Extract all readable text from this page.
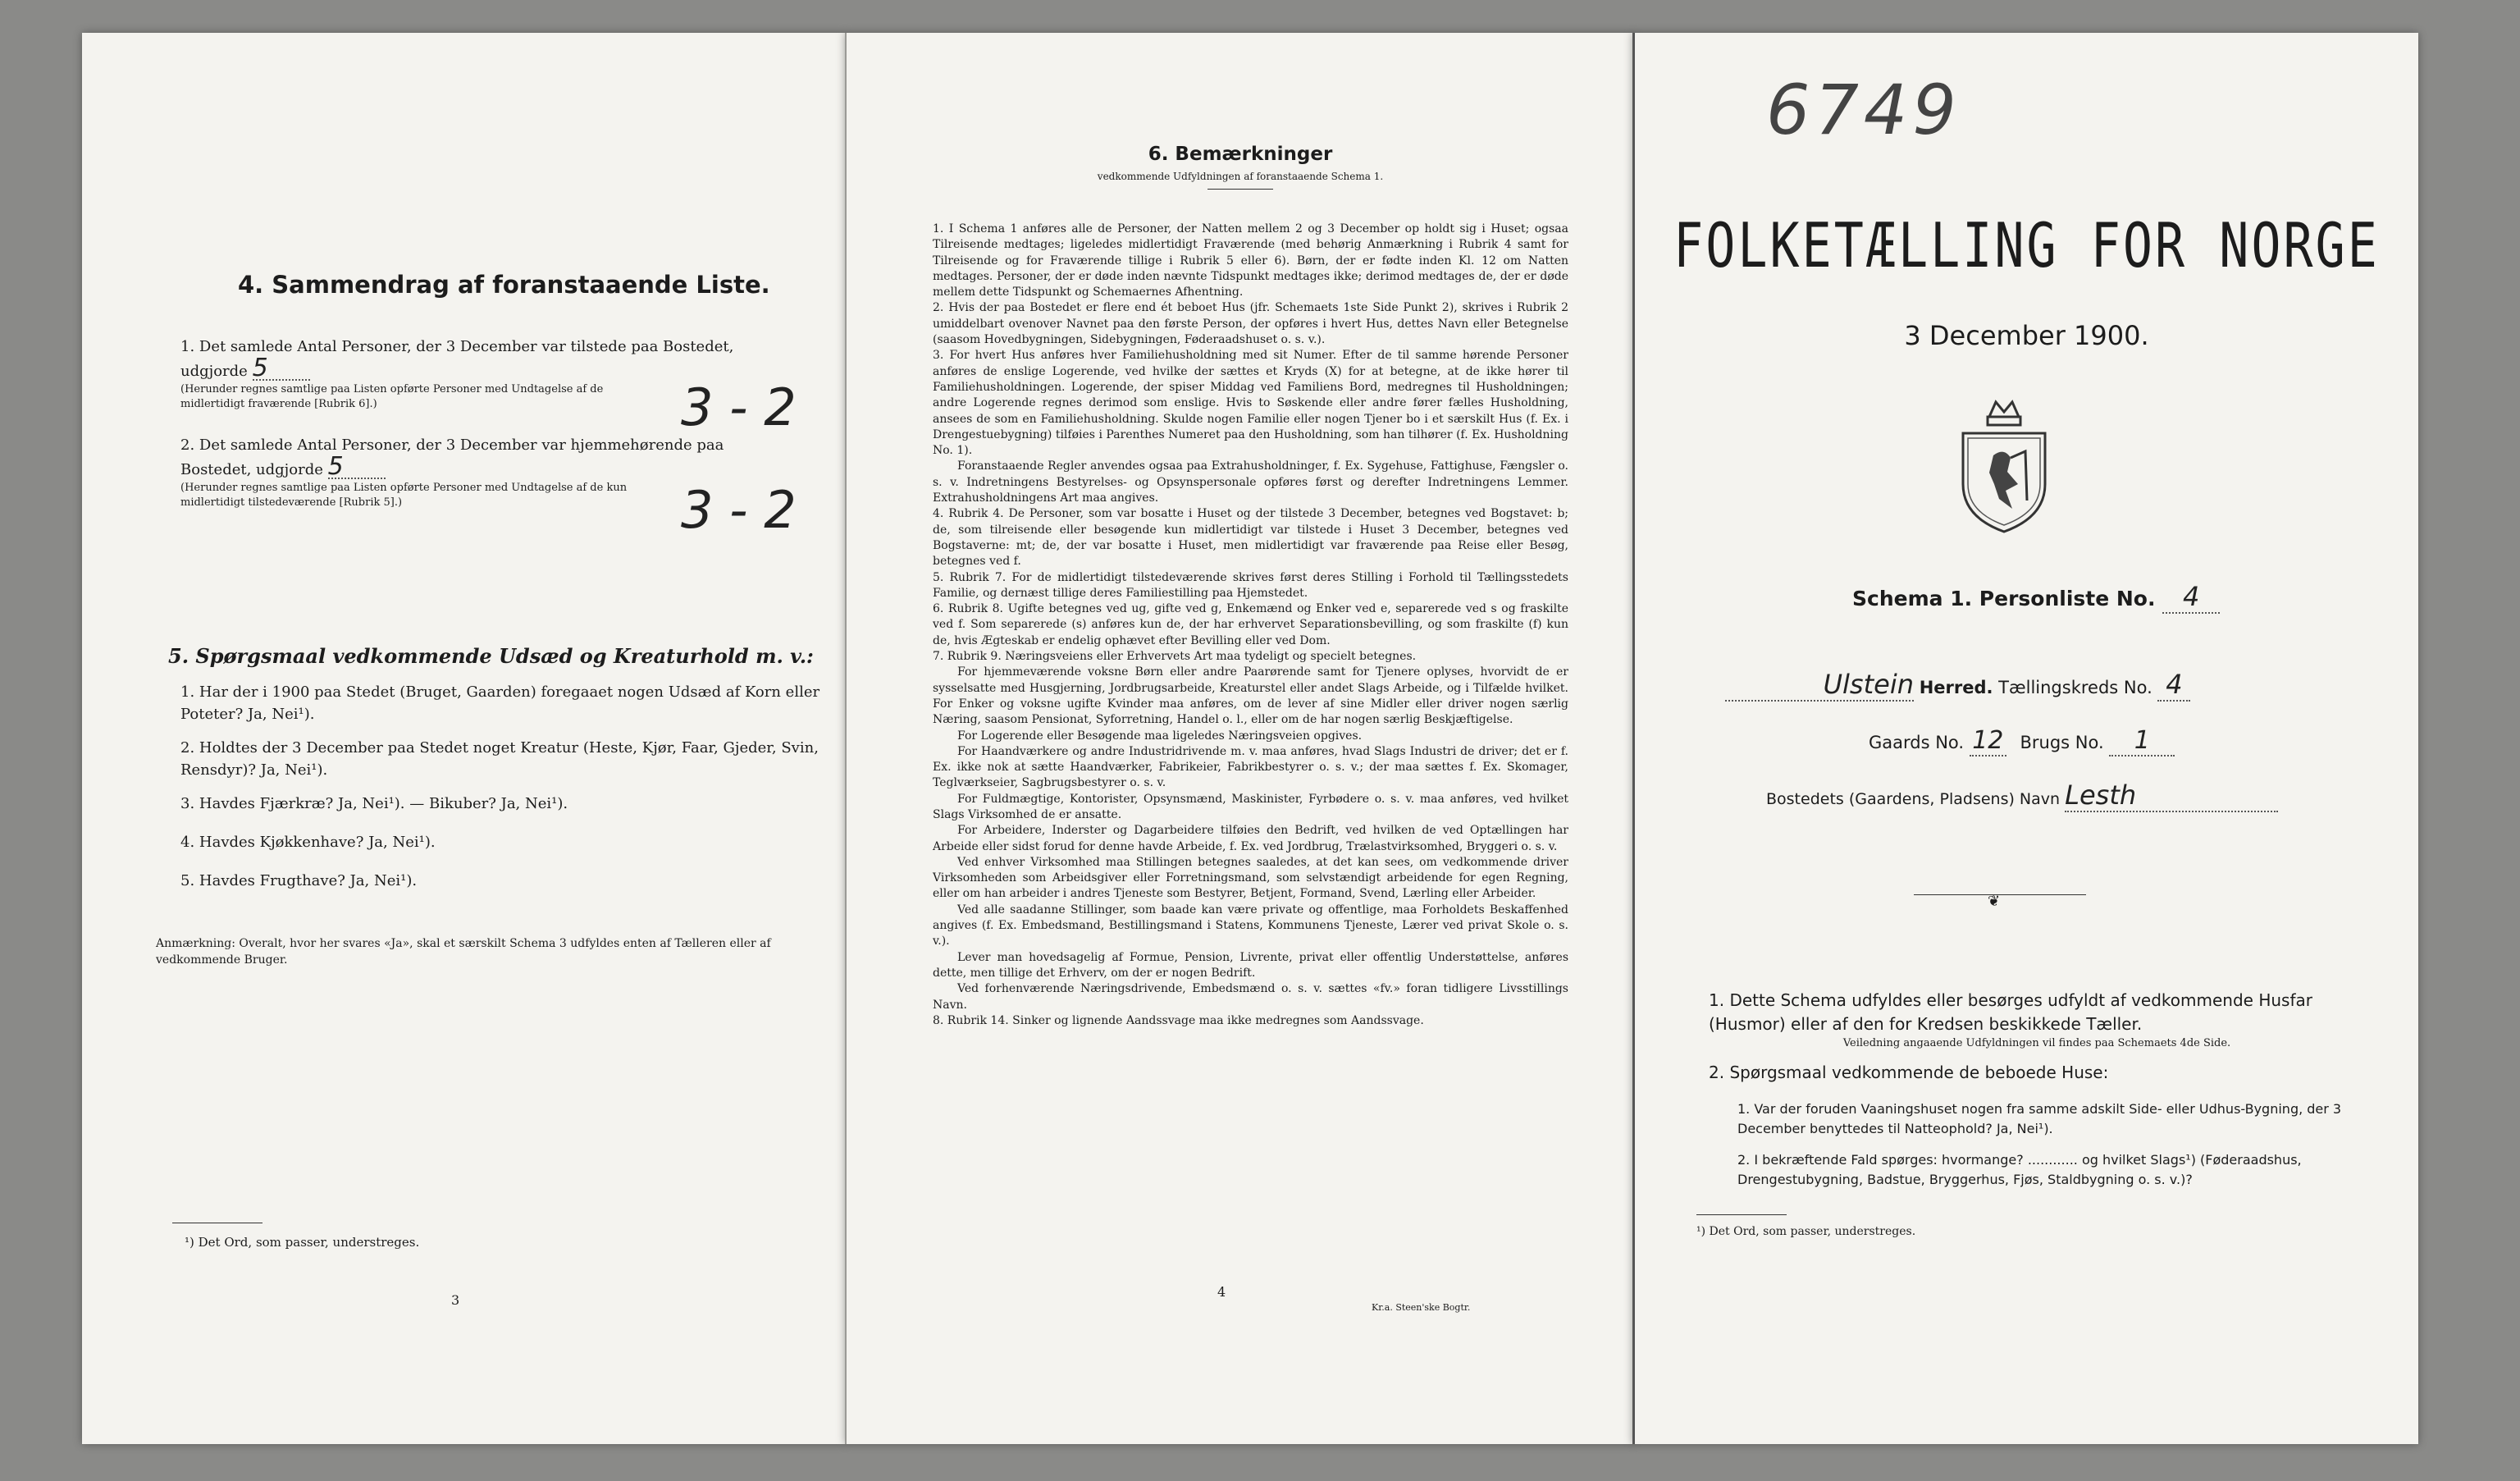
4. Sammendrag af foranstaaende Liste.
1. Det samlede Antal Personer, der 3 December var tilstede paa Bostedet,
udgjorde 5
(Herunder regnes samtlige paa Listen opførte Personer med Undtagelse af de midlertidigt fraværende [Rubrik 6].)	3 - 2
2. Det samlede Antal Personer, der 3 December var hjemmehørende paa
Bostedet, udgjorde 5
(Herunder regnes samtlige paa Listen opførte Personer med Undtagelse af de kun midlertidigt tilstedeværende [Rubrik 5].)	3 - 2
5. Spørgsmaal vedkommende Udsæd og Kreaturhold m. v.:
1. Har der i 1900 paa Stedet (Bruget, Gaarden) foregaaet nogen Udsæd af Korn eller Poteter? Ja, Nei¹).
2. Holdtes der 3 December paa Stedet noget Kreatur (Heste, Kjør, Faar, Gjeder, Svin, Rensdyr)? Ja, Nei¹).
3. Havdes Fjærkræ? Ja, Nei¹). — Bikuber? Ja, Nei¹).
4. Havdes Kjøkkenhave? Ja, Nei¹).
5. Havdes Frugthave? Ja, Nei¹).
Anmærkning: Overalt, hvor her svares «Ja», skal et særskilt Schema 3 udfyldes enten af Tælleren eller af vedkommende Bruger.
¹) Det Ord, som passer, understreges.
3
6. Bemærkninger
vedkommende Udfyldningen af foranstaaende Schema 1.
1. I Schema 1 anføres alle de Personer, der Natten mellem 2 og 3 December op holdt sig i Huset; ogsaa Tilreisende medtages; ligeledes midlertidigt Fraværende (med behørig Anmærkning i Rubrik 4 samt for Tilreisende og for Fraværende tillige i Rubrik 5 eller 6). Børn, der er fødte inden Kl. 12 om Natten medtages. Personer, der er døde inden nævnte Tidspunkt medtages ikke; derimod medtages de, der er døde mellem dette Tidspunkt og Schemaernes Afhentning.
2. Hvis der paa Bostedet er flere end ét beboet Hus (jfr. Schemaets 1ste Side Punkt 2), skrives i Rubrik 2 umiddelbart ovenover Navnet paa den første Person, der opføres i hvert Hus, dettes Navn eller Betegnelse (saasom Hovedbygningen, Sidebygningen, Føderaadshuset o. s. v.).
3. For hvert Hus anføres hver Familiehusholdning med sit Numer. Efter de til samme hørende Personer anføres de enslige Logerende, ved hvilke der sættes et Kryds (X) for at betegne, at de ikke hører til Familiehusholdningen. Logerende, der spiser Middag ved Familiens Bord, medregnes til Husholdningen; andre Logerende regnes derimod som enslige. Hvis to Søskende eller andre fører fælles Husholdning, ansees de som en Familiehusholdning. Skulde nogen Familie eller nogen Tjener bo i et særskilt Hus (f. Ex. i Drengestuebygning) tilføies i Parenthes Numeret paa den Husholdning, som han tilhører (f. Ex. Husholdning No. 1).
Foranstaaende Regler anvendes ogsaa paa Extrahusholdninger, f. Ex. Sygehuse, Fattighuse, Fængsler o. s. v. Indretningens Bestyrelses- og Opsynspersonale opføres først og derefter Indretningens Lemmer. Extrahusholdningens Art maa angives.
4. Rubrik 4. De Personer, som var bosatte i Huset og der tilstede 3 December, betegnes ved Bogstavet: b; de, som tilreisende eller besøgende kun midlertidigt var tilstede i Huset 3 December, betegnes ved Bogstaverne: mt; de, der var bosatte i Huset, men midlertidigt var fraværende paa Reise eller Besøg, betegnes ved f.
5. Rubrik 7. For de midlertidigt tilstedeværende skrives først deres Stilling i Forhold til Tællingsstedets Familie, og dernæst tillige deres Familiestilling paa Hjemstedet.
6. Rubrik 8. Ugifte betegnes ved ug, gifte ved g, Enkemænd og Enker ved e, separerede ved s og fraskilte ved f. Som separerede (s) anføres kun de, der har erhvervet Separationsbevilling, og som fraskilte (f) kun de, hvis Ægteskab er endelig ophævet efter Bevilling eller ved Dom.
7. Rubrik 9. Næringsveiens eller Erhvervets Art maa tydeligt og specielt betegnes.
For hjemmeværende voksne Børn eller andre Paarørende samt for Tjenere oplyses, hvorvidt de er sysselsatte med Husgjerning, Jordbrugsarbeide, Kreaturstel eller andet Slags Arbeide, og i Tilfælde hvilket. For Enker og voksne ugifte Kvinder maa anføres, om de lever af sine Midler eller driver nogen særlig Næring, saasom Pensionat, Syforretning, Handel o. l., eller om de har nogen særlig Beskjæftigelse.
For Logerende eller Besøgende maa ligeledes Næringsveien opgives.
For Haandværkere og andre Industridrivende m. v. maa anføres, hvad Slags Industri de driver; det er f. Ex. ikke nok at sætte Haandværker, Fabrikeier, Fabrikbestyrer o. s. v.; der maa sættes f. Ex. Skomager, Teglværkseier, Sagbrugsbestyrer o. s. v.
For Fuldmægtige, Kontorister, Opsynsmænd, Maskinister, Fyrbødere o. s. v. maa anføres, ved hvilket Slags Virksomhed de er ansatte.
For Arbeidere, Inderster og Dagarbeidere tilføies den Bedrift, ved hvilken de ved Optællingen har Arbeide eller sidst forud for denne havde Arbeide, f. Ex. ved Jordbrug, Trælastvirksomhed, Bryggeri o. s. v.
Ved enhver Virksomhed maa Stillingen betegnes saaledes, at det kan sees, om vedkommende driver Virksomheden som Arbeidsgiver eller Forretningsmand, som selvstændigt arbeidende for egen Regning, eller om han arbeider i andres Tjeneste som Bestyrer, Betjent, Formand, Svend, Lærling eller Arbeider.
Ved alle saadanne Stillinger, som baade kan være private og offentlige, maa Forholdets Beskaffenhed angives (f. Ex. Embedsmand, Bestillingsmand i Statens, Kommunens Tjeneste, Lærer ved privat Skole o. s. v.).
Lever man hovedsagelig af Formue, Pension, Livrente, privat eller offentlig Understøttelse, anføres dette, men tillige det Erhverv, om der er nogen Bedrift.
Ved forhenværende Næringsdrivende, Embedsmænd o. s. v. sættes «fv.» foran tidligere Livsstillings Navn.
8. Rubrik 14. Sinker og lignende Aandssvage maa ikke medregnes som Aandssvage.
4
Kr.a. Steen'ske Bogtr.
6749
FOLKETÆLLING FOR NORGE
3 December 1900.
Schema 1. Personliste No. 4
Ulstein Herred. Tællingskreds No. 4
Gaards No. 12 Brugs No. 1
Bostedets (Gaardens, Pladsens) Navn Lesth
❦
1. Dette Schema udfyldes eller besørges udfyldt af vedkommende Husfar (Husmor) eller af den for Kredsen beskikkede Tæller.
Veiledning angaaende Udfyldningen vil findes paa Schemaets 4de Side.
2. Spørgsmaal vedkommende de beboede Huse:
1. Var der foruden Vaaningshuset nogen fra samme adskilt Side- eller Udhus-Bygning, der 3 December benyttedes til Natteophold? Ja, Nei¹).
2. I bekræftende Fald spørges: hvormange? ............ og hvilket Slags¹) (Føderaadshus, Drengestubygning, Badstue, Bryggerhus, Fjøs, Staldbygning o. s. v.)?
¹) Det Ord, som passer, understreges.
